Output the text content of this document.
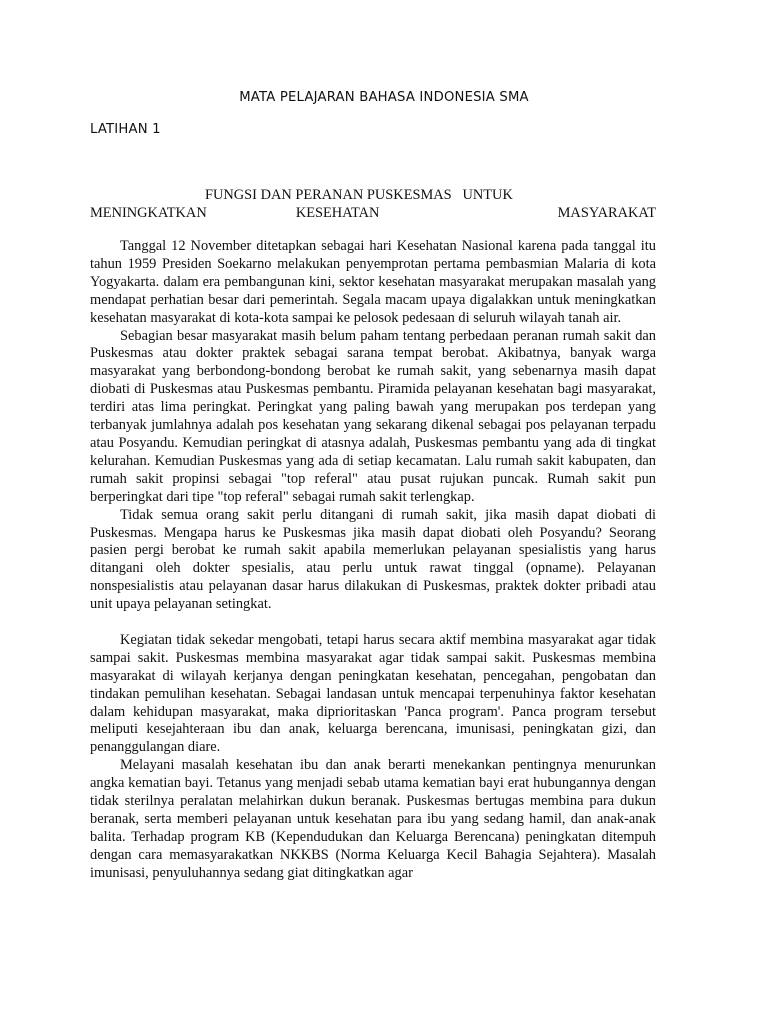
MATA PELAJARAN BAHASA INDONESIA SMA
LATIHAN 1
FUNGSI DAN PERANAN PUSKESMAS   UNTUK
MENINGKATKAN KESEHATAN  MASYARAKAT

Tanggal 12 November ditetapkan sebagai hari Kesehatan Nasional karena pada tanggal itu tahun 1959 Presiden Soekarno melakukan penyemprotan pertama pembasmian Malaria di kota Yogyakarta. dalam era pembangunan kini, sektor kesehatan masyarakat merupakan masalah yang mendapat perhatian besar dari pemerintah. Segala macam upaya digalakkan untuk meningkatkan kesehatan masyarakat di kota-kota sampai ke pelosok pedesaan di seluruh wilayah tanah air.

Sebagian besar masyarakat masih belum paham tentang perbedaan peranan rumah sakit dan Puskesmas atau dokter praktek sebagai sarana tempat berobat. Akibatnya, banyak warga masyarakat yang berbondong-bondong berobat ke rumah sakit, yang sebenarnya masih dapat diobati di Puskesmas atau Puskesmas pembantu. Piramida pelayanan kesehatan bagi masyarakat, terdiri atas lima peringkat. Peringkat yang paling bawah yang merupakan pos terdepan yang terbanyak jumlahnya adalah pos kesehatan yang sekarang dikenal sebagai pos pelayanan terpadu atau Posyandu. Kemudian peringkat di atasnya adalah, Puskesmas pembantu yang ada di tingkat kelurahan. Kemudian Puskesmas yang ada di setiap kecamatan. Lalu rumah sakit kabupaten, dan rumah sakit propinsi sebagai "top referal" atau pusat rujukan puncak. Rumah sakit pun berperingkat dari tipe "top referal" sebagai rumah sakit terlengkap.

Tidak semua orang sakit perlu ditangani di rumah sakit, jika masih dapat diobati di Puskesmas. Mengapa harus ke Puskesmas jika masih dapat diobati oleh Posyandu? Seorang pasien pergi berobat ke rumah sakit apabila memerlukan pelayanan spesialistis yang harus ditangani oleh dokter spesialis, atau perlu untuk rawat tinggal (opname). Pelayanan nonspesialistis atau pelayanan dasar harus dilakukan di Puskesmas, praktek dokter pribadi atau unit upaya pelayanan setingkat.

Kegiatan tidak sekedar mengobati, tetapi harus secara aktif membina masyarakat agar tidak sampai sakit. Puskesmas membina masyarakat agar tidak sampai sakit. Puskesmas membina masyarakat di wilayah kerjanya dengan peningkatan kesehatan, pencegahan, pengobatan dan tindakan pemulihan kesehatan. Sebagai landasan untuk mencapai terpenuhinya faktor kesehatan dalam kehidupan masyarakat, maka diprioritaskan 'Panca program'. Panca program tersebut meliputi kesejahteraan ibu dan anak, keluarga berencana, imunisasi, peningkatan gizi, dan penanggulangan diare.

Melayani masalah kesehatan ibu dan anak berarti menekankan pentingnya menurunkan angka kematian bayi. Tetanus yang menjadi sebab utama kematian bayi erat hubungannya dengan tidak sterilnya peralatan melahirkan dukun beranak. Puskesmas bertugas membina para dukun beranak, serta memberi pelayanan untuk kesehatan para ibu yang sedang hamil, dan anak-anak balita. Terhadap program KB (Kependudukan dan Keluarga Berencana) peningkatan ditempuh dengan cara memasyarakatkan NKKBS (Norma Keluarga Kecil Bahagia Sejahtera). Masalah imunisasi, penyuluhannya sedang giat ditingkatkan agar
